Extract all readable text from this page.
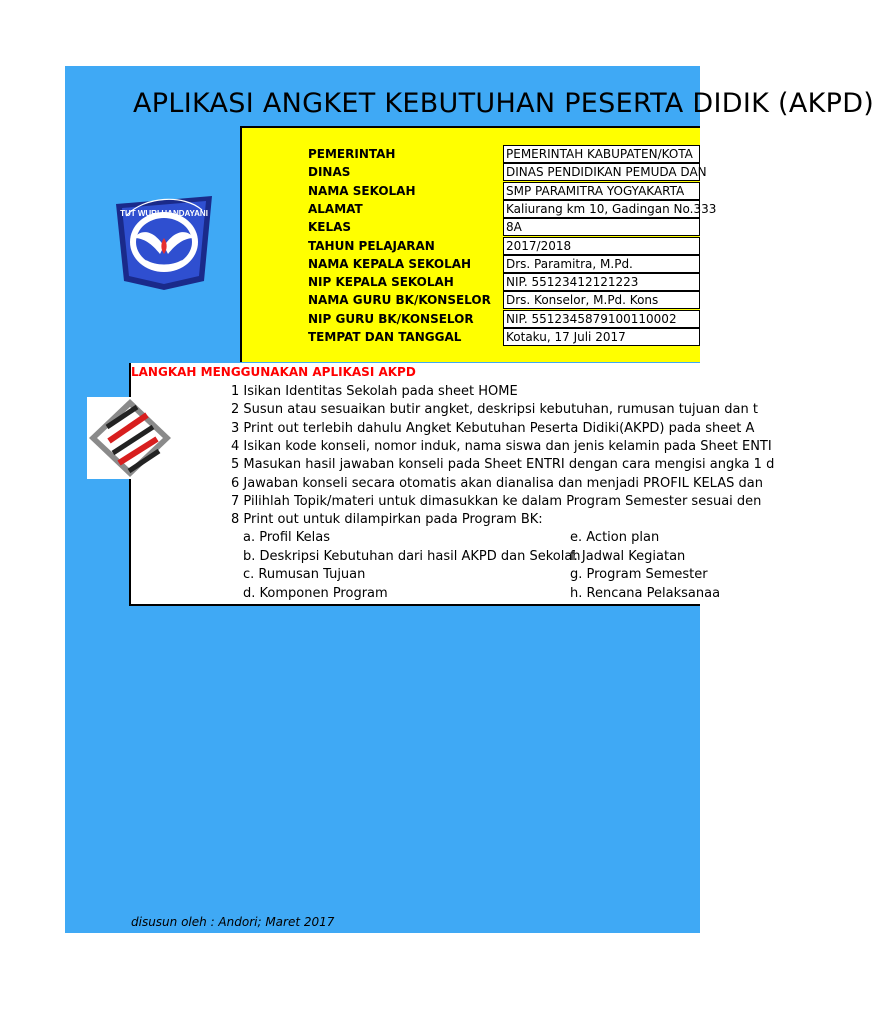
APLIKASI ANGKET KEBUTUHAN PESERTA DIDIK (AKPD)
TUT WURI HANDAYANI
PEMERINTAH	PEMERINTAH KABUPATEN/KOTA
DINAS	DINAS PENDIDIKAN PEMUDA DAN
NAMA SEKOLAH	SMP PARAMITRA YOGYAKARTA
ALAMAT	Kaliurang km 10, Gadingan No.333
KELAS	8A
TAHUN PELAJARAN	2017/2018
NAMA KEPALA SEKOLAH	Drs. Paramitra, M.Pd.
NIP KEPALA SEKOLAH	NIP. 55123412121223
NAMA GURU BK/KONSELOR Drs. Konselor, M.Pd. Kons
NIP GURU BK/KONSELOR	NIP. 5512345879100110002
TEMPAT DAN TANGGAL	Kotaku, 17 Juli 2017
LANGKAH MENGGUNAKAN APLIKASI AKPD
1 Isikan Identitas Sekolah pada sheet HOME
2 Susun atau sesuaikan butir angket, deskripsi kebutuhan, rumusan tujuan dan t
3 Print out terlebih dahulu Angket Kebutuhan Peserta Didiki(AKPD) pada sheet A
4 Isikan kode konseli, nomor induk, nama siswa dan jenis kelamin pada Sheet ENTI
5 Masukan hasil jawaban konseli pada Sheet ENTRI dengan cara mengisi angka 1 d
6 Jawaban konseli secara otomatis akan dianalisa dan menjadi PROFIL KELAS dan
7 Pilihlah Topik/materi untuk dimasukkan ke dalam Program Semester sesuai den
8 Print out untuk dilampirkan pada Program BK:
a. Profil Kelas
b. Deskripsi Kebutuhan dari hasil AKPD dan Sekolah
c. Rumusan Tujuan
d. Komponen Program
e. Action plan
f. Jadwal Kegiatan
g. Program Semester
h. Rencana Pelaksanaa
disusun oleh : Andori; Maret 2017
